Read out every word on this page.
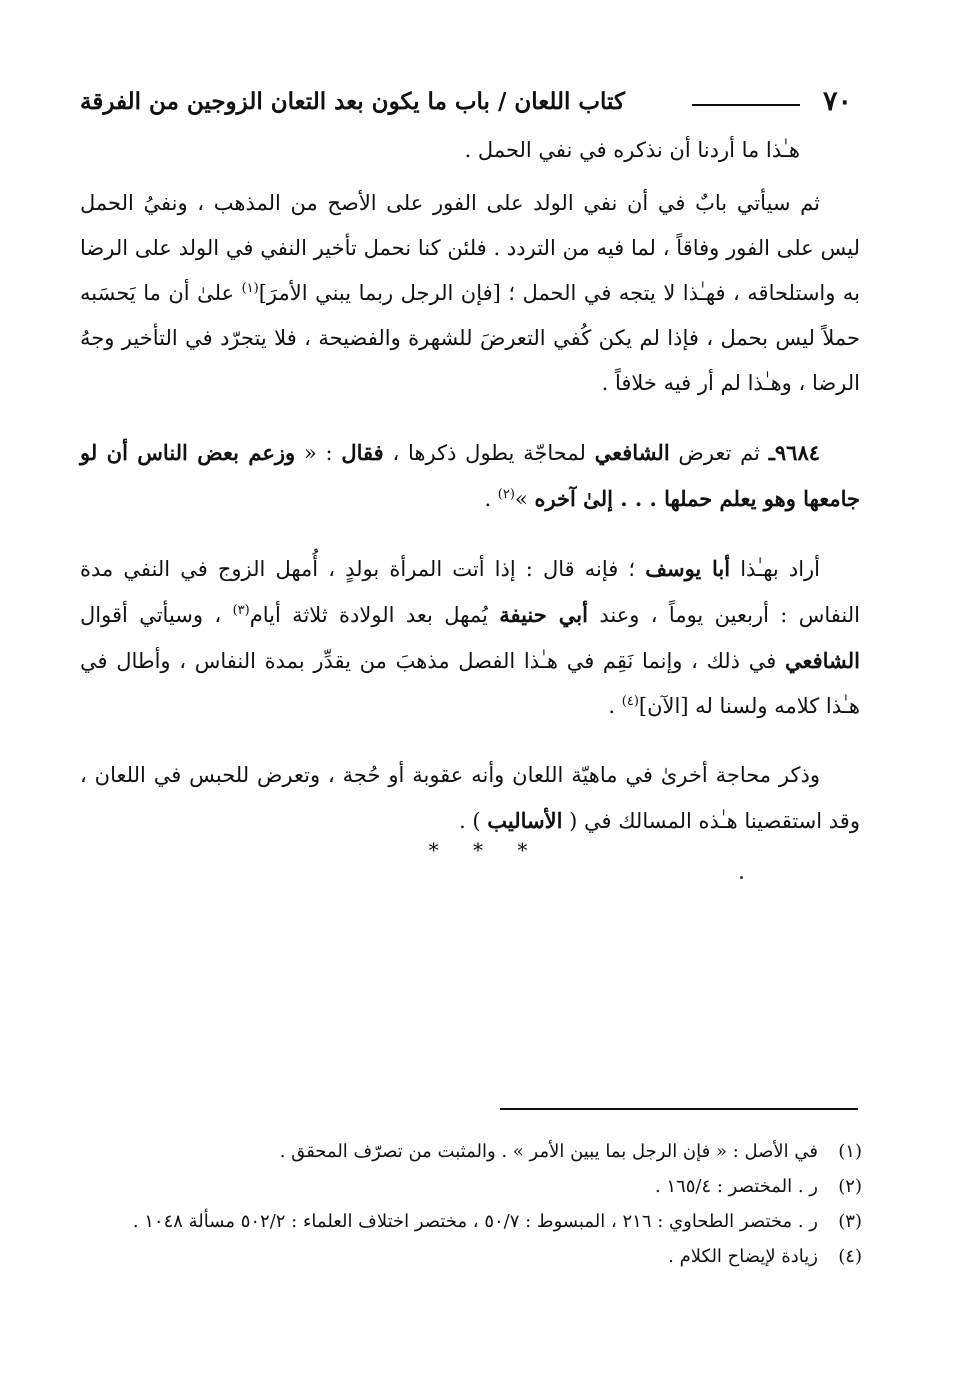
٧٠
كتاب اللعان / باب ما يكون بعد التعان الزوجين من الفرقة

هـٰذا ما أردنا أن نذكره في نفي الحمل .

ثم سيأتي بابٌ في أن نفي الولد على الفور على الأصح من المذهب ، ونفيُ الحمل ليس على الفور وفاقاً ، لما فيه من التردد . فلئن كنا نحمل تأخير النفي في الولد على الرضا به واستلحاقه ، فهـٰذا لا يتجه في الحمل ؛ [فإن الرجل ربما يبني الأمرَ]$^{(١)}$ علىٰ أن ما يَحسَبه حملاً ليس بحمل ، فإذا لم يكن كُفي التعرضَ للشهرة والفضيحة ، فلا يتجرّد في التأخير وجهُ الرضا ، وهـٰذا لم أر فيه خلافاً .

٩٦٨٤ـ ثم تعرض الشافعي لمحاجّة يطول ذكرها ، فقال : « وزعم بعض الناس أن لو جامعها وهو يعلم حملها . . . إلىٰ آخره »$^{(٢)}$ .

أراد بهـٰذا أبا يوسف ؛ فإنه قال : إذا أتت المرأة بولدٍ ، أُمهل الزوج في النفي مدة النفاس : أربعين يوماً ، وعند أبي حنيفة يُمهل بعد الولادة ثلاثة أيام$^{(٣)}$ ، وسيأتي أقوال الشافعي في ذلك ، وإنما نَقِم في هـٰذا الفصل مذهبَ من يقدِّر بمدة النفاس ، وأطال في هـٰذا كلامه ولسنا له [الآن]$^{(٤)}$ .

وذكر محاجة أخرىٰ في ماهيّة اللعان وأنه عقوبة أو حُجة ، وتعرض للحبس في اللعان ، وقد استقصينا هـٰذه المسالك في ( الأساليب ) .

* * *
(١)
في الأصل : « فإن الرجل بما يبين الأمر » . والمثبت من تصرّف المحقق .
(٢)
ر . المختصر : ١٦٥/٤ .
(٣)
ر . مختصر الطحاوي : ٢١٦ ، المبسوط : ٥٠/٧ ، مختصر اختلاف العلماء : ٥٠٢/٢ مسألة ١٠٤٨ .
(٤)
زيادة لإيضاح الكلام .
